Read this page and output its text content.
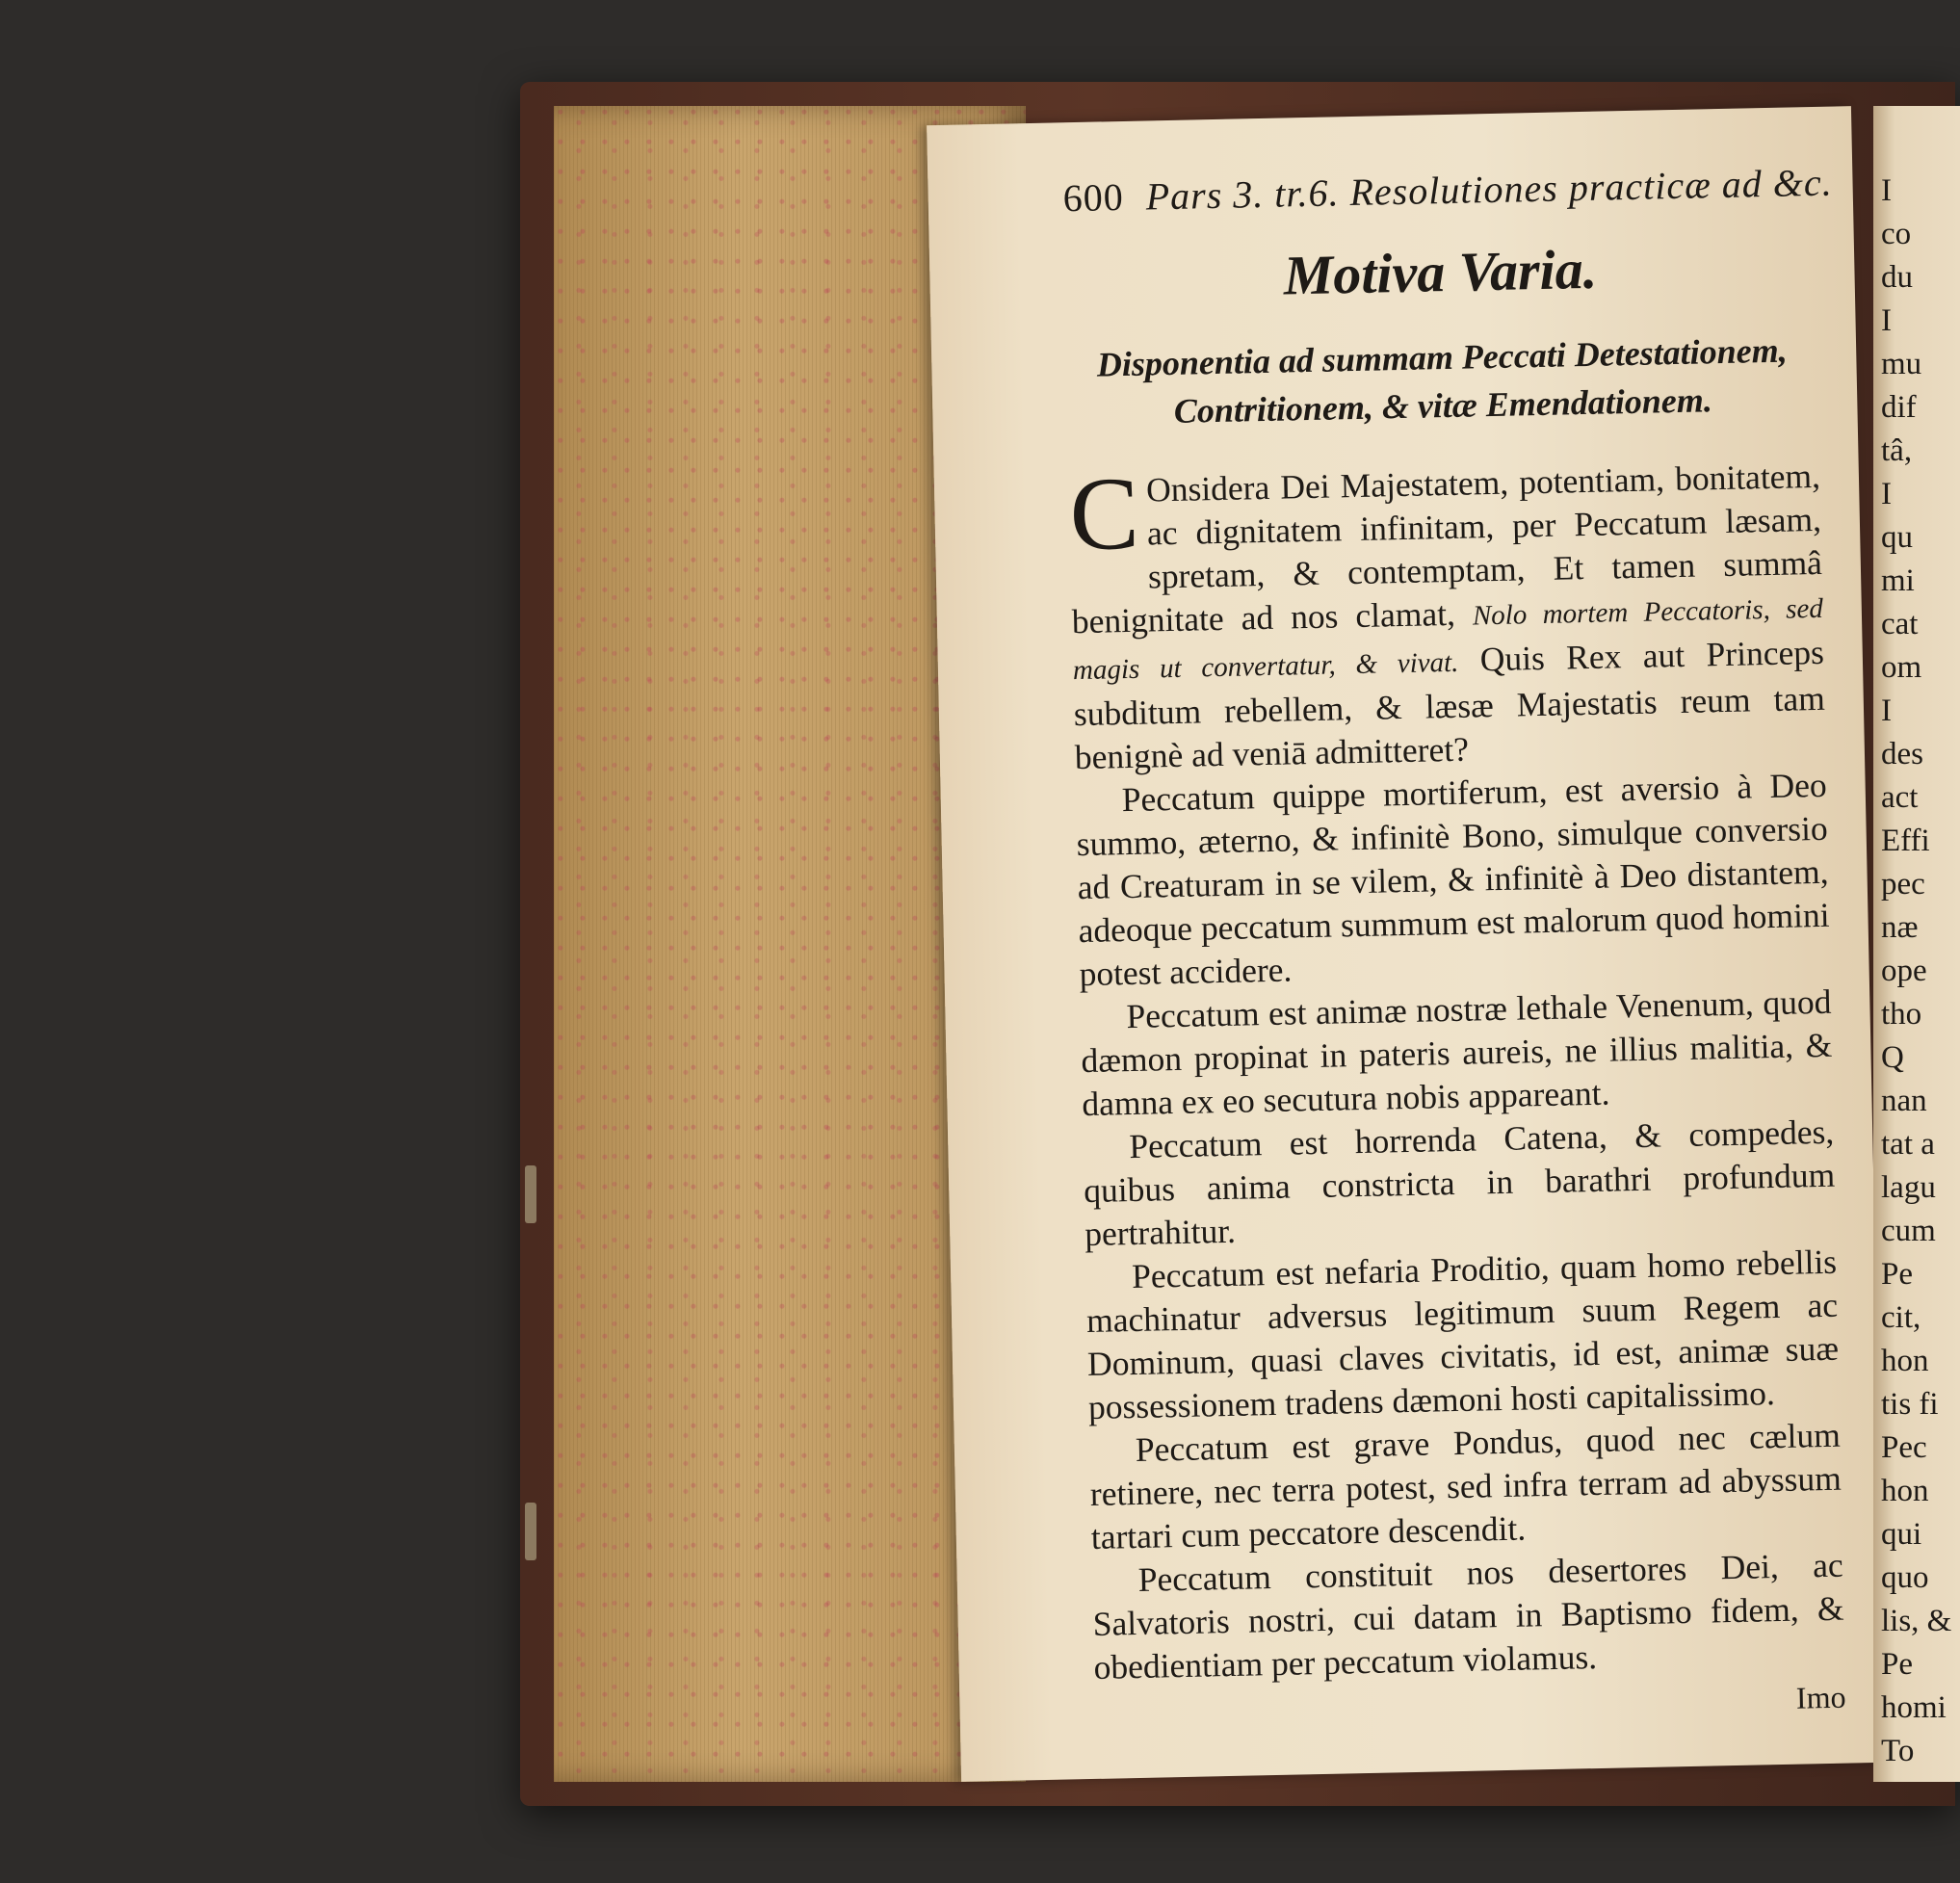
600 Pars 3. tr.6. Resolutiones practicæ ad &c.
Motiva Varia.
Disponentia ad summam Peccati Detestationem, Contritionem, & vitæ Emendationem.

C Onsidera Dei Majestatem, potentiam, bonitatem, ac dignitatem infinitam, per Peccatum læsam, spretam, & contemptam, Et tamen summâ benignitate ad nos clamat, Nolo mortem Peccatoris, sed magis ut convertatur, & vivat. Quis Rex aut Princeps subditum rebellem, & læsæ Majestatis reum tam benignè ad veniā admitteret?

Peccatum quippe mortiferum, est aversio à Deo summo, æterno, & infinitè Bono, simulque conversio ad Creaturam in se vilem, & infinitè à Deo distantem, adeoque peccatum summum est malorum quod homini potest accidere.

Peccatum est animæ nostræ lethale Venenum, quod dæmon propinat in pateris aureis, ne illius malitia, & damna ex eo secutura nobis appareant.

Peccatum est horrenda Catena, & compedes, quibus anima constricta in barathri profundum pertrahitur.

Peccatum est nefaria Proditio, quam homo rebellis machinatur adversus legitimum suum Regem ac Dominum, quasi claves civitatis, id est, animæ suæ possessionem tradens dæmoni hosti capitalissimo.

Peccatum est grave Pondus, quod nec cælum retinere, nec terra potest, sed infra terram ad abyssum tartari cum peccatore descendit.

Peccatum constituit nos desertores Dei, ac Salvatoris nostri, cui datam in Baptismo fidem, & obedientiam per peccatum violamus.

Imo
I
co
du
I
mu
dif
tâ,
I
qu
mi
cat
om
I
des
act
Effi
pec
næ
ope
tho
Q
nan
tat a
lagu
cum
Pe
cit,
hon
tis fi
Pec
hon
qui
quo
lis, &
Pe
homi
To
